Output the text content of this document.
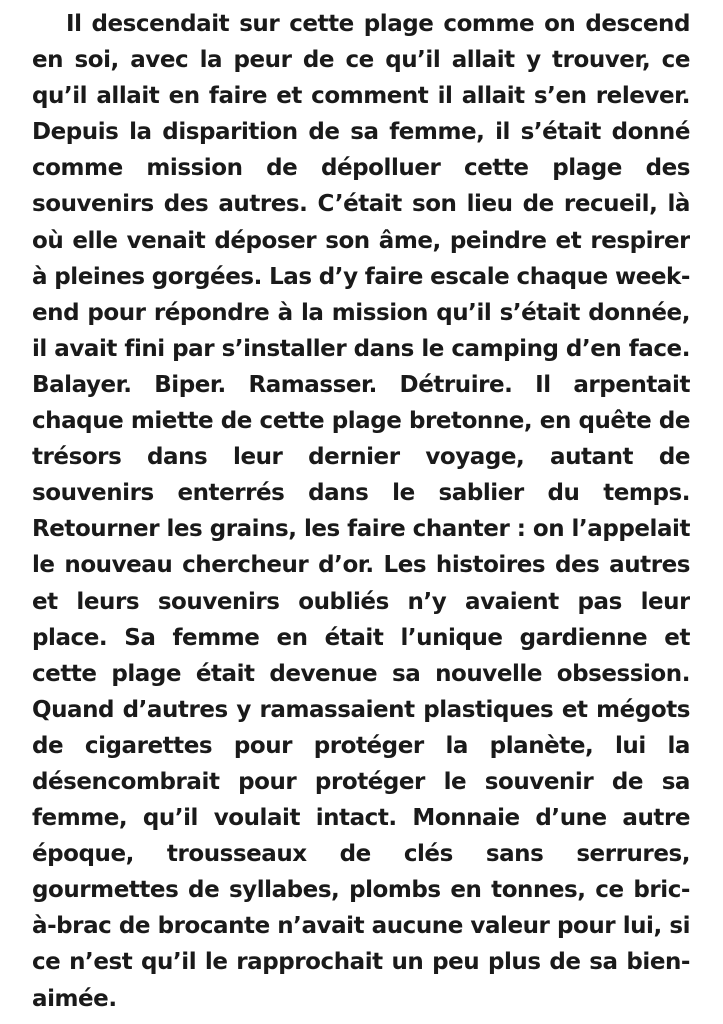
Il descendait sur cette plage comme on descend en soi, avec la peur de ce qu’il allait y trouver, ce qu’il allait en faire et comment il allait s’en relever. Depuis la disparition de sa femme, il s’était donné comme mission de dépolluer cette plage des souvenirs des autres. C’était son lieu de recueil, là où elle venait déposer son âme, peindre et respirer à pleines gorgées. Las d’y faire escale chaque week-end pour répondre à la mission qu’il s’était donnée, il avait fini par s’installer dans le camping d’en face. Balayer. Biper. Ramasser. Détruire. Il arpentait chaque miette de cette plage bretonne, en quête de trésors dans leur dernier voyage, autant de souvenirs enterrés dans le sablier du temps. Retourner les grains, les faire chanter : on l’appelait le nouveau chercheur d’or. Les histoires des autres et leurs souvenirs oubliés n’y avaient pas leur place. Sa femme en était l’unique gardienne et cette plage était devenue sa nouvelle obsession. Quand d’autres y ramassaient plastiques et mégots de cigarettes pour protéger la planète, lui la désencombrait pour protéger le souvenir de sa femme, qu’il voulait intact. Monnaie d’une autre époque, trousseaux de clés sans serrures, gourmettes de syllabes, plombs en tonnes, ce bric-à-brac de brocante n’avait aucune valeur pour lui, si ce n’est qu’il le rapprochait un peu plus de sa bien-aimée.
